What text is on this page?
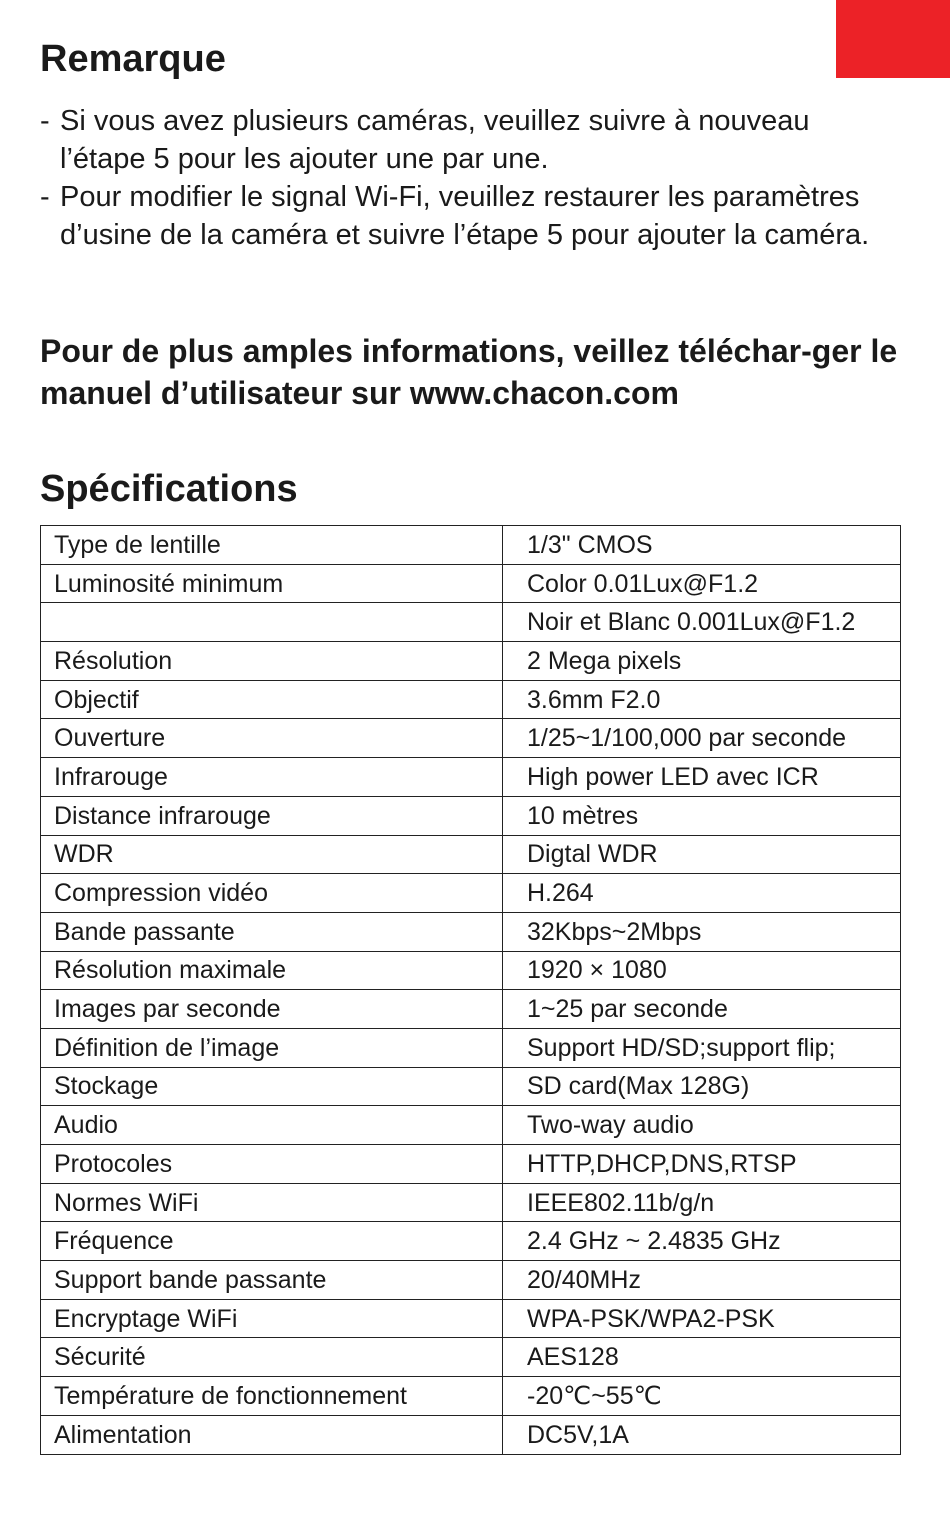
Remarque
- Si vous avez plusieurs caméras, veuillez suivre à nouveau l’étape 5 pour les ajouter une par une.
- Pour modifier le signal Wi-Fi, veuillez restaurer les paramètres d’usine de la caméra et suivre l’étape 5 pour ajouter la caméra.

Pour de plus amples informations, veillez téléchar-ger le manuel d’utilisateur sur www.chacon.com

Spécifications
Type de lentille	1/3" CMOS
Luminosité minimum	Color 0.01Lux@F1.2
	Noir et Blanc 0.001Lux@F1.2
Résolution	2 Mega pixels
Objectif	3.6mm F2.0
Ouverture	1/25~1/100,000 par seconde
Infrarouge	High power LED avec ICR
Distance infrarouge	10 mètres
WDR	Digtal WDR
Compression vidéo	H.264
Bande passante	32Kbps~2Mbps
Résolution maximale	1920 × 1080
Images par seconde	1~25 par seconde
Définition de l’image	Support HD/SD;support flip;
Stockage	SD card(Max 128G)
Audio	Two-way audio
Protocoles	HTTP,DHCP,DNS,RTSP
Normes WiFi	IEEE802.11b/g/n
Fréquence	2.4 GHz ~ 2.4835 GHz
Support bande passante	20/40MHz
Encryptage WiFi	WPA-PSK/WPA2-PSK
Sécurité	AES128
Température de fonctionnement	-20℃~55℃
Alimentation	DC5V,1A
